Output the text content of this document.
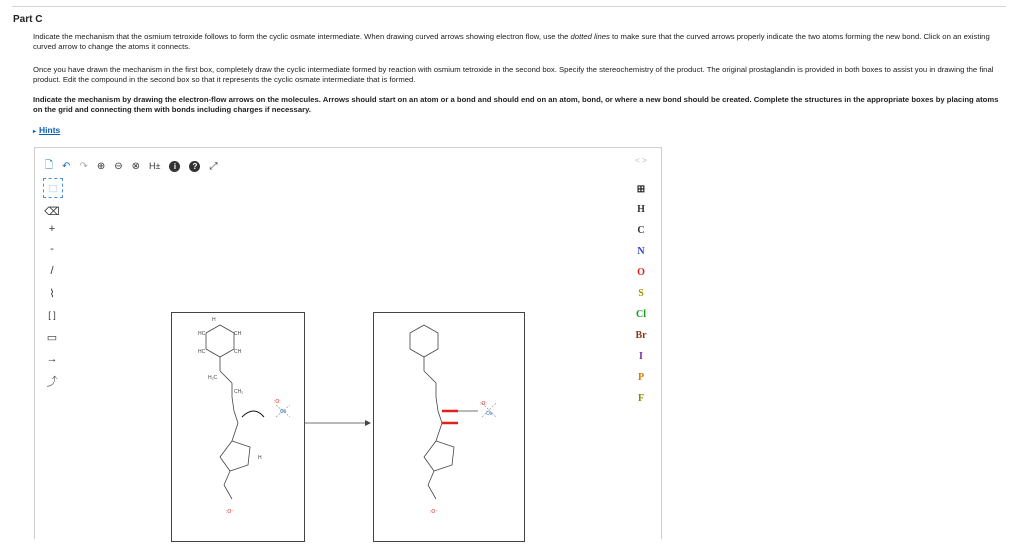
Part C

Indicate the mechanism that the osmium tetroxide follows to form the cyclic osmate intermediate. When drawing curved arrows showing electron flow, use the dotted lines to make sure that the curved arrows properly indicate the two atoms forming the new bond. Click on an existing curved arrow to change the atoms it connects.

Once you have drawn the mechanism in the first box, completely draw the cyclic intermediate formed by reaction with osmium tetroxide in the second box. Specify the stereochemistry of the product. The original prostaglandin is provided in both boxes to assist you in drawing the final product. Edit the compound in the second box so that it represents the cyclic osmate intermediate that is formed.

Indicate the mechanism by drawing the electron-flow arrows on the molecules. Arrows should start on an atom or a bond and should end on an atom, bond, or where a new bond should be created. Complete the structures in the appropriate boxes by placing atoms on the grid and connecting them with bonds including charges if necessary.

▸ Hints
🗋 ↶ ↷ ⊕ ⊖ ⊗ H±	i	?	⤢
⬚
⌫
+
-
/
⌇
[ ]
▭
→
⤴
< >
⊞
H
C
N
O
S
Cl
Br
I
P
F
H
HC	CH
HC	CH
H₂C
CH₂
H
:O:
Os
:O⁻
:O:
Os
:O⁻
